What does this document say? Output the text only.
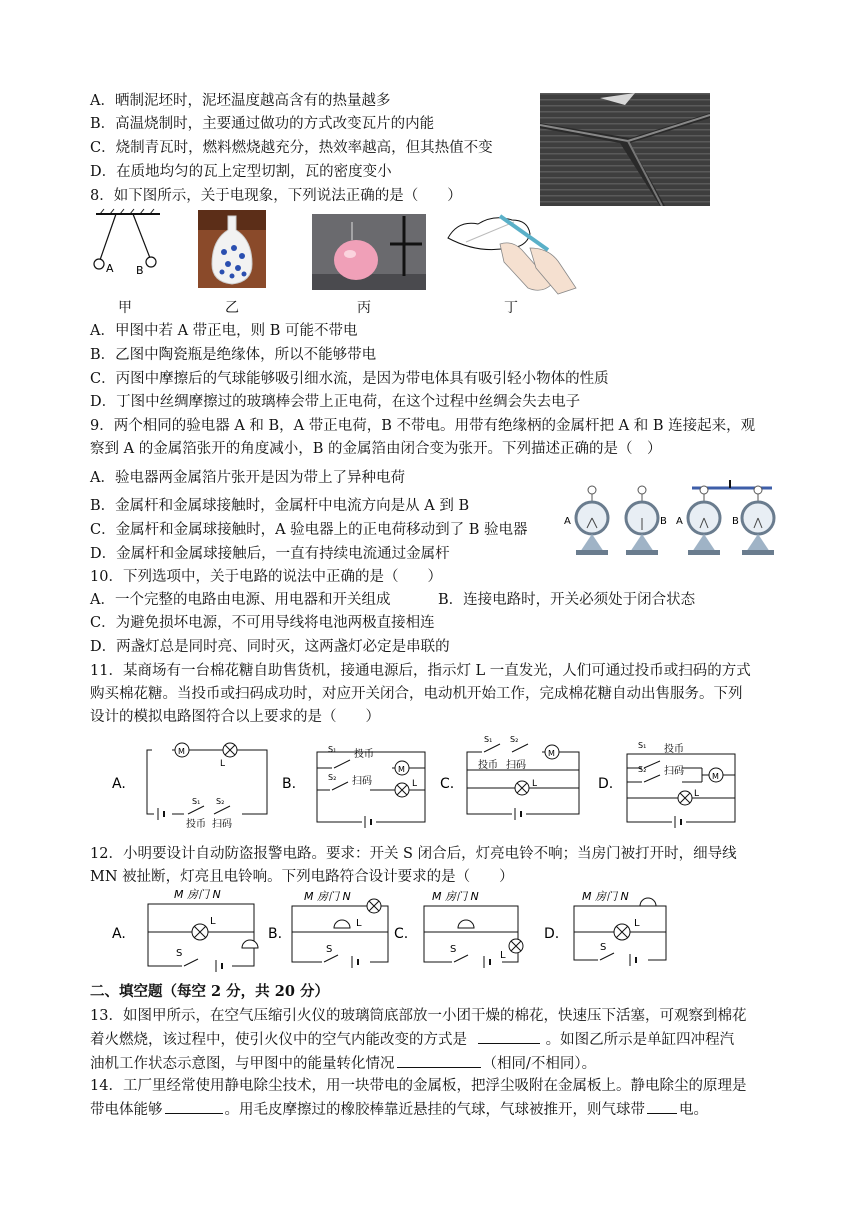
A．晒制泥坯时，泥坯温度越高含有的热量越多
B．高温烧制时，主要通过做功的方式改变瓦片的内能
C．烧制青瓦时，燃料燃烧越充分，热效率越高，但其热值不变
D．在质地均匀的瓦上定型切割，瓦的密度变小
8．如下图所示，关于电现象，下列说法正确的是（　　）
A B
甲	乙	丙	丁
A．甲图中若 A 带正电，则 B 可能不带电
B．乙图中陶瓷瓶是绝缘体，所以不能够带电
C．丙图中摩擦后的气球能够吸引细水流，是因为带电体具有吸引轻小物体的性质
D．丁图中丝绸摩擦过的玻璃棒会带上正电荷，在这个过程中丝绸会失去电子
9．两个相同的验电器 A 和 B，A 带正电荷，B 不带电。用带有绝缘柄的金属杆把 A 和 B 连接起来，观
察到 A 的金属箔张开的角度减小，B 的金属箔由闭合变为张开。下列描述正确的是（　）
A．验电器两金属箔片张开是因为带上了异种电荷
B．金属杆和金属球接触时，金属杆中电流方向是从 A 到 B
C．金属杆和金属球接触时，A 验电器上的正电荷移动到了 B 验电器
D．金属杆和金属球接触后，一直有持续电流通过金属杆
A	B A	B
10．下列选项中，关于电路的说法中正确的是（　　）
A．一个完整的电路由电源、用电器和开关组成	B．连接电路时，开关必须处于闭合状态
C．为避免损坏电源，不可用导线将电池两极直接相连
D．两盏灯总是同时亮、同时灭，这两盏灯必定是串联的
11．某商场有一台棉花糖自助售货机，接通电源后，指示灯 L 一直发光，人们可通过投币或扫码的方式
购买棉花糖。当投币或扫码成功时，对应开关闭合，电动机开始工作，完成棉花糖自动出售服务。下列
设计的模拟电路图符合以上要求的是（　　）
A.	B.	C.	D.
M
L
S₁ S₂
投币 扫码
S₁ 投币
M
S₂ 扫码	L
S₁ S₂
投币 扫码
M
L
S₁ 投币
S₂ 扫码	M
L
12．小明要设计自动防盗报警电路。要求：开关 S 闭合后，灯亮电铃不响；当房门被打开时，细导线
MN 被扯断，灯亮且电铃响。下列电路符合设计要求的是（　　）
A.	B.	C.	D.
M 房门 N
L
S
M 房门 N
L
S
M 房门 N
L
S
M 房门 N
L
S
二、填空题（每空 2 分，共 20 分）
13．如图甲所示，在空气压缩引火仪的玻璃筒底部放一小团干燥的棉花，快速压下活塞，可观察到棉花
着火燃烧，该过程中，使引火仪中的空气内能改变的方式是	。如图乙所示是单缸四冲程汽
油机工作状态示意图，与甲图中的能量转化情况	（相同/不相同）。
14．工厂里经常使用静电除尘技术，用一块带电的金属板，把浮尘吸附在金属板上。静电除尘的原理是
带电体能够	。用毛皮摩擦过的橡胶棒靠近悬挂的气球，气球被推开，则气球带 电。
